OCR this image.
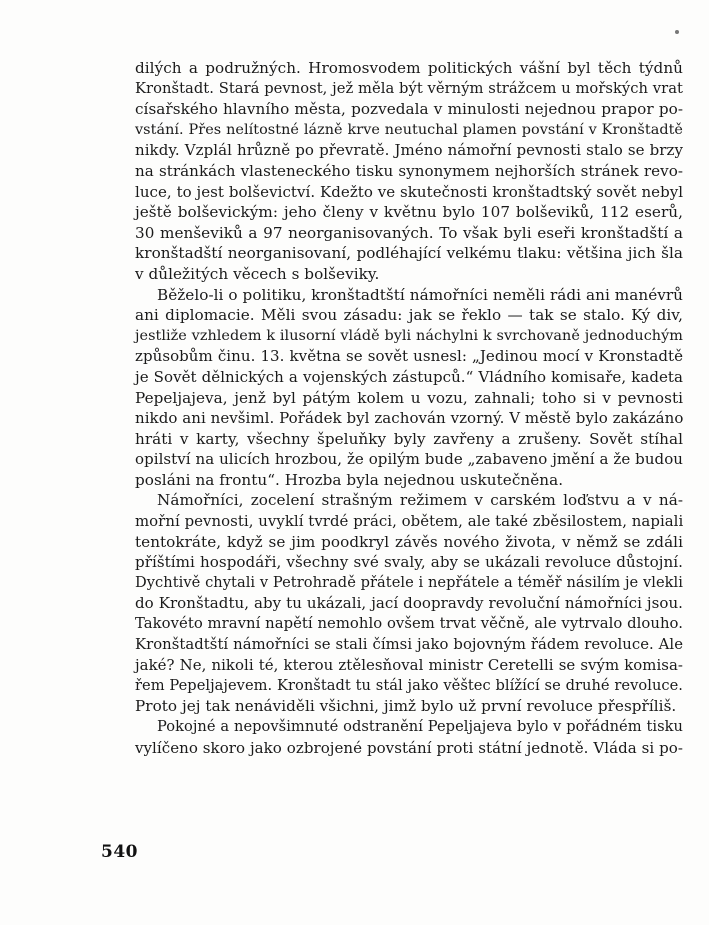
dilých a podružných. Hromosvodem politických vášní byl těch týdnů
Kronštadt. Stará pevnost, jež měla být věrným strážcem u mořských vrat
císařského hlavního města, pozvedala v minulosti nejednou prapor po-
vstání. Přes nelítostné lázně krve neutuchal plamen povstání v Kronštadtě
nikdy. Vzplál hrůzně po převratě. Jméno námořní pevnosti stalo se brzy
na stránkách vlasteneckého tisku synonymem nejhorších stránek revo-
luce, to jest bolševictví. Kdežto ve skutečnosti kronštadtský sovět nebyl
ještě bolševickým: jeho členy v květnu bylo 107 bolševiků, 112 eserů,
30 menševiků a 97 neorganisovaných. To však byli eseři kronštadští a
kronštadští neorganisovaní, podléhající velkému tlaku: většina jich šla
v důležitých věcech s bolševiky.
Běželo-li o politiku, kronštadtští námořníci neměli rádi ani manévrů
ani diplomacie. Měli svou zásadu: jak se řeklo — tak se stalo. Ký div,
jestliže vzhledem k ilusorní vládě byli náchylni k svrchovaně jednoduchým
způsobům činu. 13. května se sovět usnesl: „Jedinou mocí v Kronstadtě
je Sovět dělnických a vojenských zástupců.“ Vládního komisaře, kadeta
Pepeljajeva, jenž byl pátým kolem u vozu, zahnali; toho si v pevnosti
nikdo ani nevšiml. Pořádek byl zachován vzorný. V městě bylo zakázáno
hráti v karty, všechny špeluňky byly zavřeny a zrušeny. Sovět stíhal
opilství na ulicích hrozbou, že opilým bude „zabaveno jmění a že budou
posláni na frontu“. Hrozba byla nejednou uskutečněna.
Námořníci, zocelení strašným režimem v carském loďstvu a v ná-
mořní pevnosti, uvyklí tvrdé práci, obětem, ale také zběsilostem, napiali
tentokráte, když se jim poodkryl závěs nového života, v němž se zdáli
příštími hospodáři, všechny své svaly, aby se ukázali revoluce důstojní.
Dychtivě chytali v Petrohradě přátele i nepřátele a téměř násilím je vlekli
do Kronštadtu, aby tu ukázali, jací doopravdy revoluční námořníci jsou.
Takovéto mravní napětí nemohlo ovšem trvat věčně, ale vytrvalo dlouho.
Kronštadtští námořníci se stali čímsi jako bojovným řádem revoluce. Ale
jaké? Ne, nikoli té, kterou ztělesňoval ministr Ceretelli se svým komisa-
řem Pepeljajevem. Kronštadt tu stál jako věštec blížící se druhé revoluce.
Proto jej tak nenáviděli všichni, jimž bylo už první revoluce přespříliš.
Pokojné a nepovšimnuté odstranění Pepeljajeva bylo v pořádném tisku
vylíčeno skoro jako ozbrojené povstání proti státní jednotě. Vláda si po-
540
